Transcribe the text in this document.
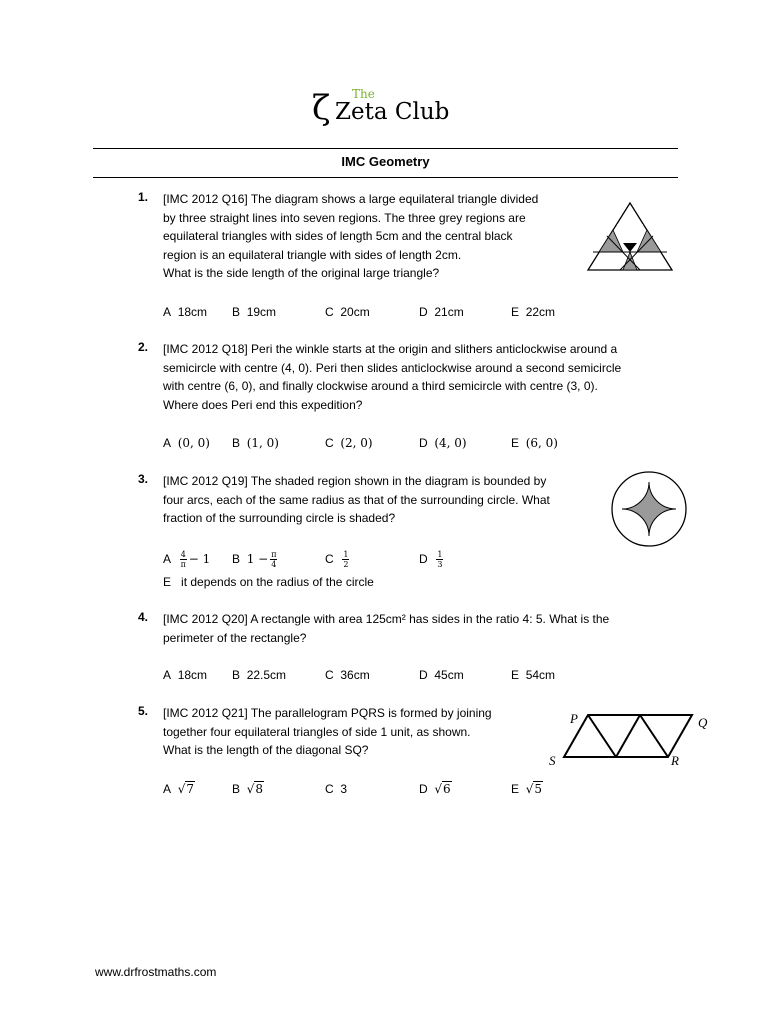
ζ The
Zeta Club
IMC Geometry
1. [IMC 2012 Q16] The diagram shows a large equilateral triangle divided

by three straight lines into seven regions. The three grey regions are

equilateral triangles with sides of length 5cm and the central black

region is an equilateral triangle with sides of length 2cm.

What is the side length of the original large triangle?

A 18cm B 19cm	C 20cm	D 21cm	E 22cm
2. [IMC 2012 Q18] Peri the winkle starts at the origin and slithers anticlockwise around a

semicircle with centre (4, 0). Peri then slides anticlockwise around a second semicircle

with centre (6, 0), and finally clockwise around a third semicircle with centre (3, 0).

Where does Peri end this expedition?

A (0, 0) B (1, 0)	C (2, 0)	D (4, 0)	E (6, 0)
3. [IMC 2012 Q19] The shaded region shown in the diagram is bounded by

four arcs, each of the same radius as that of the surrounding circle. What

fraction of the surrounding circle is shaded?

A $\frac{4}{\pi} - 1$ B $1 - \frac{\pi}{4}$	C $\frac{1}{2}$	D $\frac{1}{3}$
E it depends on the radius of the circle
4. [IMC 2012 Q20] A rectangle with area 125cm² has sides in the ratio 4: 5. What is the

perimeter of the rectangle?

A 18cm B 22.5cm	C 36cm	D 45cm	E 54cm
5. [IMC 2012 Q21] The parallelogram PQRS is formed by joining

together four equilateral triangles of side 1 unit, as shown.

What is the length of the diagonal SQ?

P	Q
R
S
A √7	B √8	C 3	D √6	E √5
www.drfrostmaths.com
